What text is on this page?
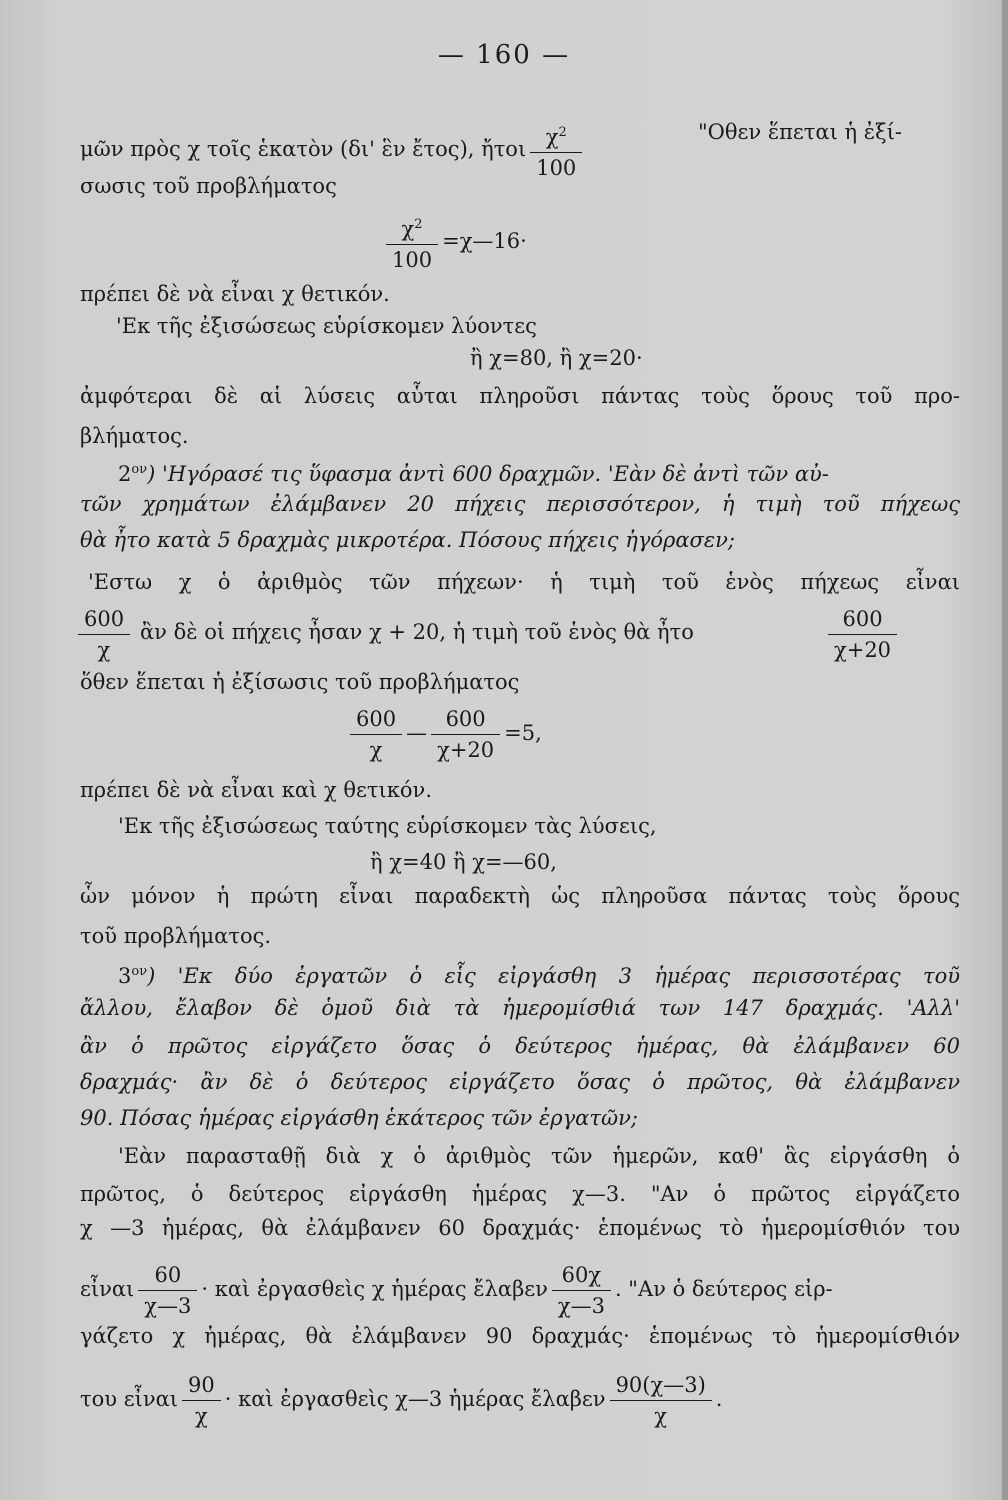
— 160 —
μῶν πρὸς χ τοῖς ἑκατὸν (δι' ἓν ἔτος), ἤτοι $\frac{\chi^2}{100}$	"Οθεν ἕπεται ἡ ἐξί-
σωσις τοῦ προβλήματος
$\frac{\chi^2}{100}$ =χ—16·
πρέπει δὲ νὰ εἶναι χ θετικόν.
'Εκ τῆς ἐξισώσεως εὑρίσκομεν λύοντες
ἢ χ=80, ἢ χ=20·
ἀμφότεραι δὲ αἱ λύσεις αὗται πληροῦσι πάντας τοὺς ὅρους τοῦ προ-
βλήματος.
$2^{o\nu}$) 'Ηγόρασέ τις ὕφασμα ἀντὶ 600 δραχμῶν. 'Εὰν δὲ ἀντὶ τῶν αὐ-
τῶν χρημάτων ἐλάμβανεν 20 πήχεις περισσότερον, ἡ τιμὴ τοῦ πήχεως
θὰ ἦτο κατὰ 5 δραχμὰς μικροτέρα. Πόσους πήχεις ἠγόρασεν;
'Εστω χ ὁ ἀριθμὸς τῶν πήχεων· ἡ τιμὴ τοῦ ἑνὸς πήχεως εἶναι
$\frac{600}{\chi}$ ἂν δὲ οἱ πήχεις ἦσαν χ + 20, ἡ τιμὴ τοῦ ἑνὸς θὰ ἦτο	$\frac{600}{\chi+20}$
ὅθεν ἕπεται ἡ ἐξίσωσις τοῦ προβλήματος
$\frac{600}{\chi}$ — $\frac{600}{\chi+20} =5$,
πρέπει δὲ νὰ εἶναι καὶ χ θετικόν.
'Εκ τῆς ἐξισώσεως ταύτης εὑρίσκομεν τὰς λύσεις,
ἢ χ=40 ἢ χ=—60,
ὧν μόνον ἡ πρώτη εἶναι παραδεκτὴ ὡς πληροῦσα πάντας τοὺς ὅρους
τοῦ προβλήματος.
$3^{o\nu}$) 'Εκ δύο ἐργατῶν ὁ εἷς εἰργάσθη 3 ἡμέρας περισσοτέρας τοῦ
ἄλλου, ἔλαβον δὲ ὁμοῦ διὰ τὰ ἡμερομίσθιά των 147 δραχμάς. 'Αλλ'
ἂν ὁ πρῶτος εἰργάζετο ὅσας ὁ δεύτερος ἡμέρας, θὰ ἐλάμβανεν 60
δραχμάς· ἂν δὲ ὁ δεύτερος εἰργάζετο ὅσας ὁ πρῶτος, θὰ ἐλάμβανεν
90. Πόσας ἡμέρας εἰργάσθη ἑκάτερος τῶν ἐργατῶν;
'Εὰν παρασταθῇ διὰ χ ὁ ἀριθμὸς τῶν ἡμερῶν, καθ' ἃς εἰργάσθη ὁ
πρῶτος, ὁ δεύτερος εἰργάσθη ἡμέρας χ—3. "Αν ὁ πρῶτος εἰργάζετο
χ —3 ἡμέρας, θὰ ἐλάμβανεν 60 δραχμάς· ἑπομένως τὸ ἡμερομίσθιόν του
εἶναι $\frac{60}{\chi—3}$ · καὶ ἐργασθεὶς χ ἡμέρας ἔλαβεν $\frac{60\chi}{\chi—3}$ . "Αν ὁ δεύτερος εἰρ-
γάζετο χ ἡμέρας, θὰ ἐλάμβανεν 90 δραχμάς· ἑπομένως τὸ ἡμερομίσθιόν
του εἶναι $\frac{90}{\chi}$ · καὶ ἐργασθεὶς χ—3 ἡμέρας ἔλαβεν $\frac{90(\chi—3)}{\chi}$ .
